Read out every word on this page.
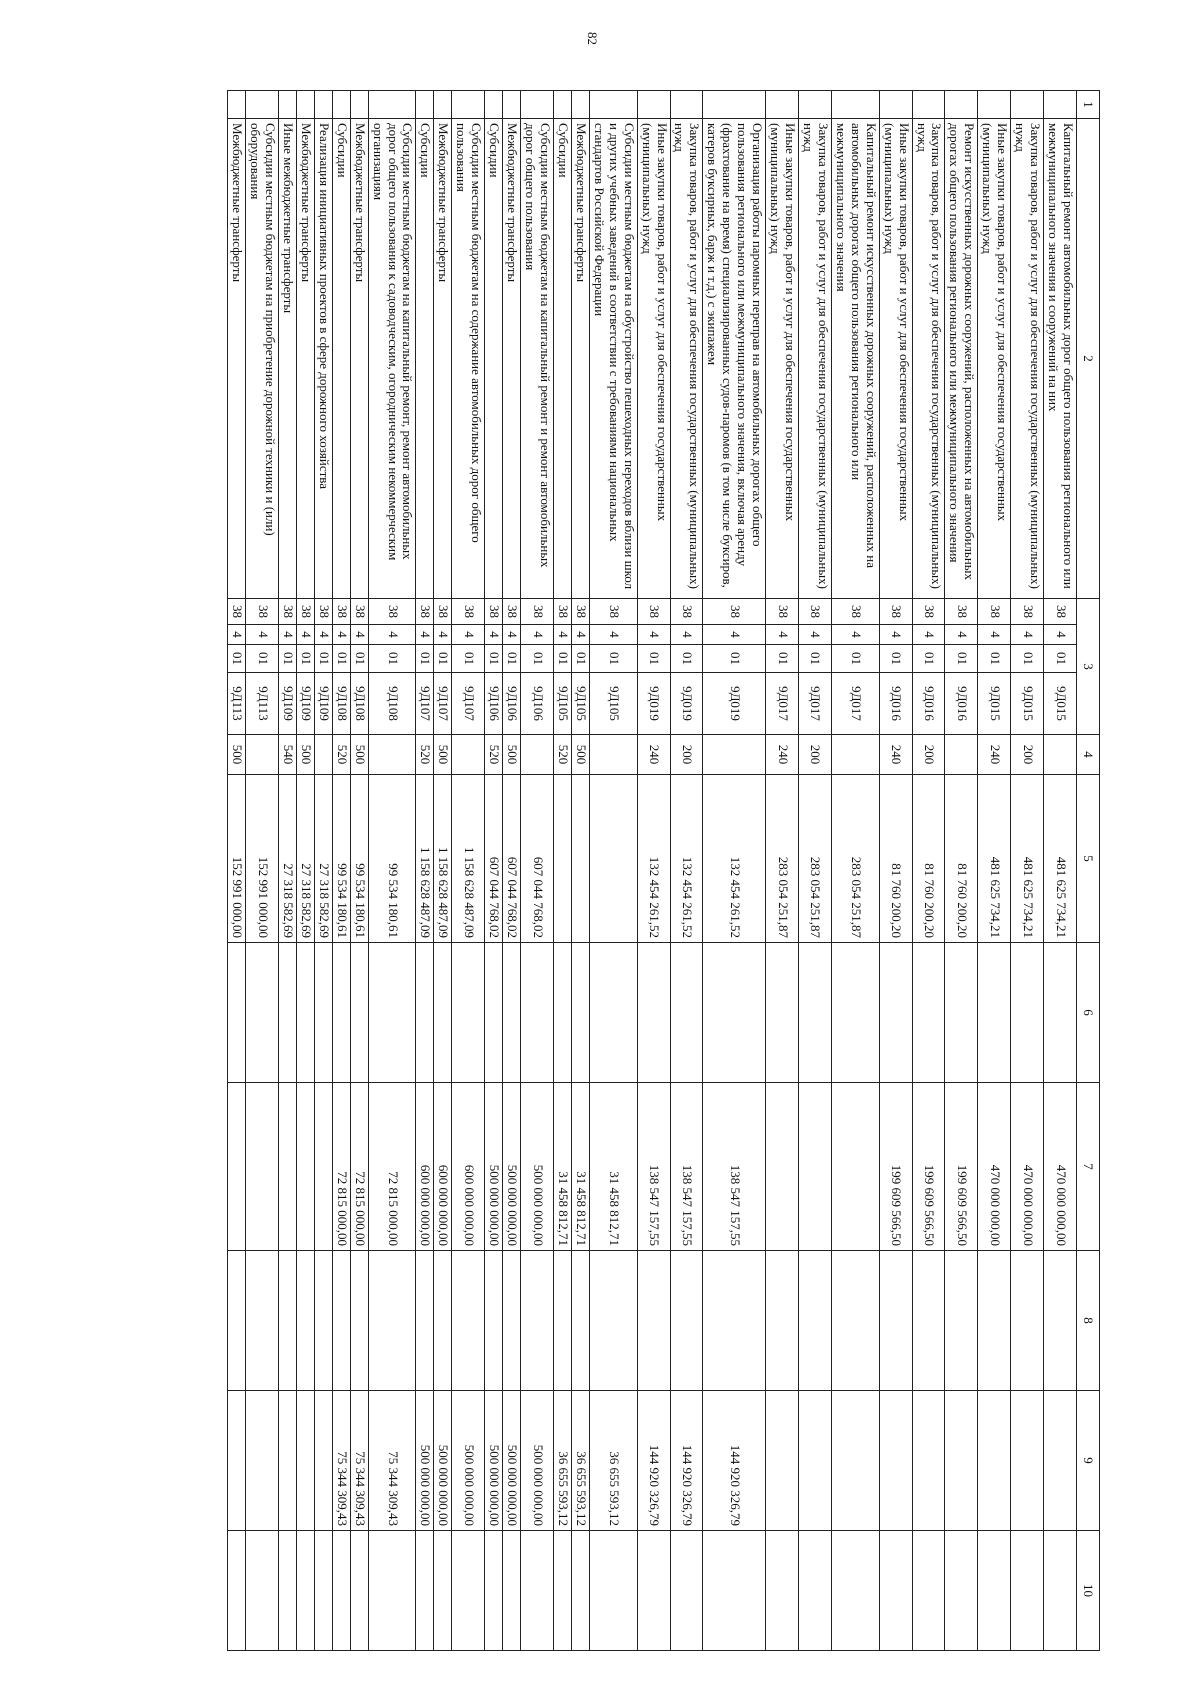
82
1	2	3				4	5	6	7	8	9	10
	Капитальный ремонт автомобильных дорог общего пользования регионального или межмуниципального значения и сооружений на них	38	4	01	9Д015		481 625 734,21		470 000 000,00			
	Закупка товаров, работ и услуг для обеспечения государственных (муниципальных) нужд	38	4	01	9Д015	200	481 625 734,21		470 000 000,00			
	Иные закупки товаров, работ и услуг для обеспечения государственных (муниципальных) нужд	38	4	01	9Д015	240	481 625 734,21		470 000 000,00			
	Ремонт искусственных дорожных сооружений, расположенных на автомобильных дорогах общего пользования регионального или межмуниципального значения	38	4	01	9Д016		81 760 200,20		199 609 566,50			
	Закупка товаров, работ и услуг для обеспечения государственных (муниципальных) нужд	38	4	01	9Д016	200	81 760 200,20		199 609 566,50			
	Иные закупки товаров, работ и услуг для обеспечения государственных (муниципальных) нужд	38	4	01	9Д016	240	81 760 200,20		199 609 566,50			
	Капитальный ремонт искусственных дорожных сооружений, расположенных на автомобильных дорогах общего пользования регионального или межмуниципального значения	38	4	01	9Д017		283 054 251,87					
	Закупка товаров, работ и услуг для обеспечения государственных (муниципальных) нужд	38	4	01	9Д017	200	283 054 251,87					
	Иные закупки товаров, работ и услуг для обеспечения государственных (муниципальных) нужд	38	4	01	9Д017	240	283 054 251,87					
	Организация работы паромных переправ на автомобильных дорогах общего пользования регионального или межмуниципального значения, включая аренду (фрахтование на время) специализированных судов-паромов (в том числе буксиров, катеров буксирных, барж и т.д.) с экипажем	38	4	01	9Д019		132 454 261,52		138 547 157,55		144 920 326,79	
	Закупка товаров, работ и услуг для обеспечения государственных (муниципальных) нужд	38	4	01	9Д019	200	132 454 261,52		138 547 157,55		144 920 326,79	
	Иные закупки товаров, работ и услуг для обеспечения государственных (муниципальных) нужд	38	4	01	9Д019	240	132 454 261,52		138 547 157,55		144 920 326,79	
	Субсидии местным бюджетам на обустройство пешеходных переходов вблизи школ и других учебных заведений в соответствии с требованиями национальных стандартов Российской Федерации	38	4	01	9Д105				31 458 812,71		36 655 593,12	
	Межбюджетные трансферты	38	4	01	9Д105	500			31 458 812,71		36 655 593,12	
	Субсидии	38	4	01	9Д105	520			31 458 812,71		36 655 593,12	
	Субсидии местным бюджетам на капитальный ремонт и ремонт автомобильных дорог общего пользования	38	4	01	9Д106		607 044 768,02		500 000 000,00		500 000 000,00	
	Межбюджетные трансферты	38	4	01	9Д106	500	607 044 768,02		500 000 000,00		500 000 000,00	
	Субсидии	38	4	01	9Д106	520	607 044 768,02		500 000 000,00		500 000 000,00	
	Субсидии местным бюджетам на содержание автомобильных дорог общего пользования	38	4	01	9Д107		1 158 628 487,09		600 000 000,00		500 000 000,00	
	Межбюджетные трансферты	38	4	01	9Д107	500	1 158 628 487,09		600 000 000,00		500 000 000,00	
	Субсидии	38	4	01	9Д107	520	1 158 628 487,09		600 000 000,00		500 000 000,00	
	Субсидии местным бюджетам на капитальный ремонт, ремонт автомобильных дорог общего пользования к садоводческим, огородническим некоммерческим организациям	38	4	01	9Д108		99 534 180,61		72 815 000,00		75 344 309,43	
	Межбюджетные трансферты	38	4	01	9Д108	500	99 534 180,61		72 815 000,00		75 344 309,43	
	Субсидии	38	4	01	9Д108	520	99 534 180,61		72 815 000,00		75 344 309,43	
	Реализация инициативных проектов в сфере дорожного хозяйства	38	4	01	9Д109		27 318 582,69					
	Межбюджетные трансферты	38	4	01	9Д109	500	27 318 582,69					
	Иные межбюджетные трансферты	38	4	01	9Д109	540	27 318 582,69					
	Субсидии местным бюджетам на приобретение дорожной техники и (или) оборудования	38	4	01	9Д113		152 991 000,00					
	Межбюджетные трансферты	38	4	01	9Д113	500	152 991 000,00					
